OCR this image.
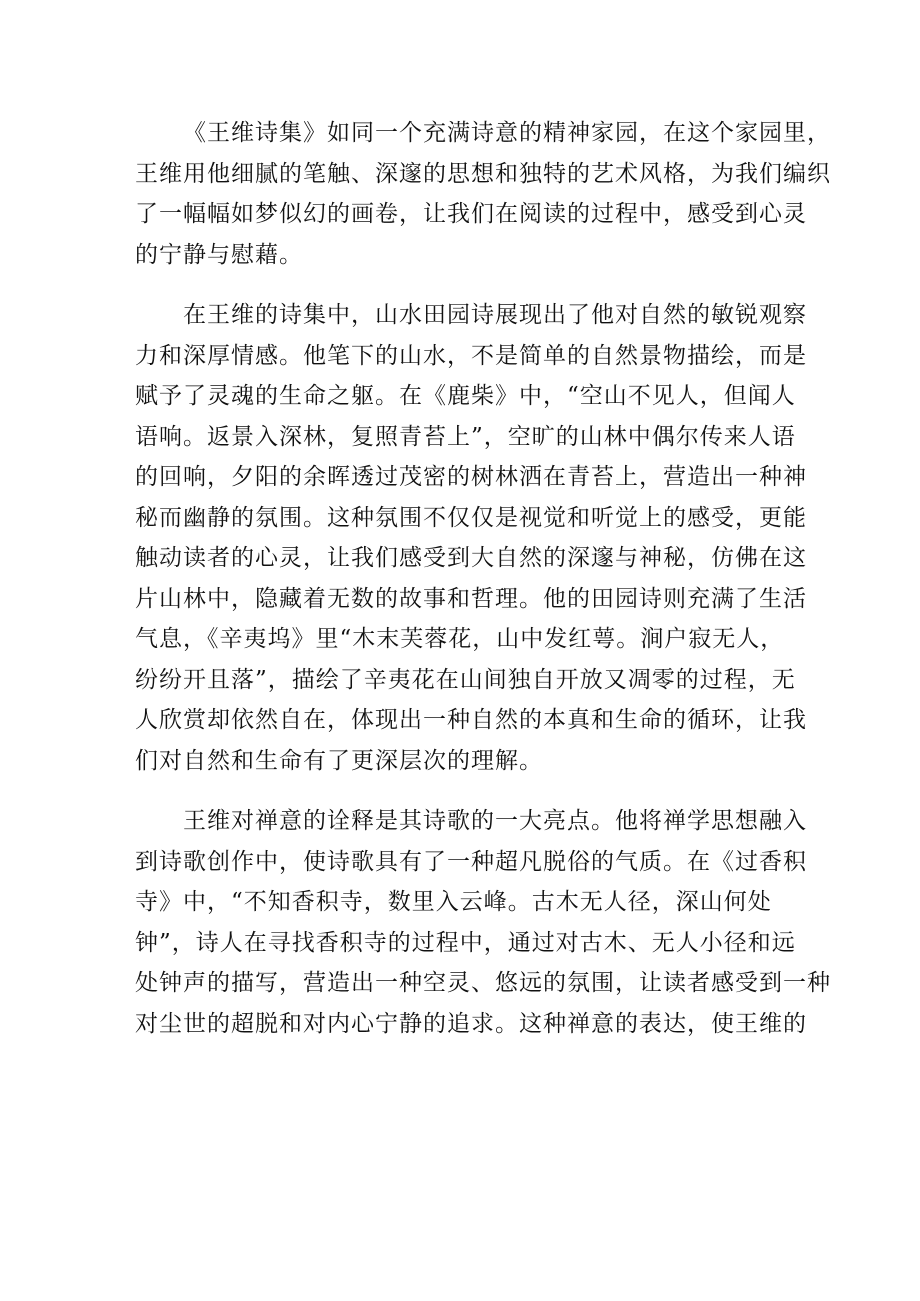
《王维诗集》如同一个充满诗意的精神家园，在这个家园里，
王维用他细腻的笔触、深邃的思想和独特的艺术风格，为我们编织
了一幅幅如梦似幻的画卷，让我们在阅读的过程中，感受到心灵
的宁静与慰藉。
在王维的诗集中，山水田园诗展现出了他对自然的敏锐观察
力和深厚情感。他笔下的山水，不是简单的自然景物描绘，而是
赋予了灵魂的生命之躯。在《鹿柴》中，“空山不见人，但闻人
语响。返景入深林，复照青苔上”，空旷的山林中偶尔传来人语
的回响，夕阳的余晖透过茂密的树林洒在青苔上，营造出一种神
秘而幽静的氛围。这种氛围不仅仅是视觉和听觉上的感受，更能
触动读者的心灵，让我们感受到大自然的深邃与神秘，仿佛在这
片山林中，隐藏着无数的故事和哲理。他的田园诗则充满了生活
气息，《辛夷坞》里“木末芙蓉花，山中发红萼。涧户寂无人，
纷纷开且落”，描绘了辛夷花在山间独自开放又凋零的过程，无
人欣赏却依然自在，体现出一种自然的本真和生命的循环，让我
们对自然和生命有了更深层次的理解。
王维对禅意的诠释是其诗歌的一大亮点。他将禅学思想融入
到诗歌创作中，使诗歌具有了一种超凡脱俗的气质。在《过香积
寺》中，“不知香积寺，数里入云峰。古木无人径，深山何处
钟”，诗人在寻找香积寺的过程中，通过对古木、无人小径和远
处钟声的描写，营造出一种空灵、悠远的氛围，让读者感受到一种
对尘世的超脱和对内心宁静的追求。这种禅意的表达，使王维的
